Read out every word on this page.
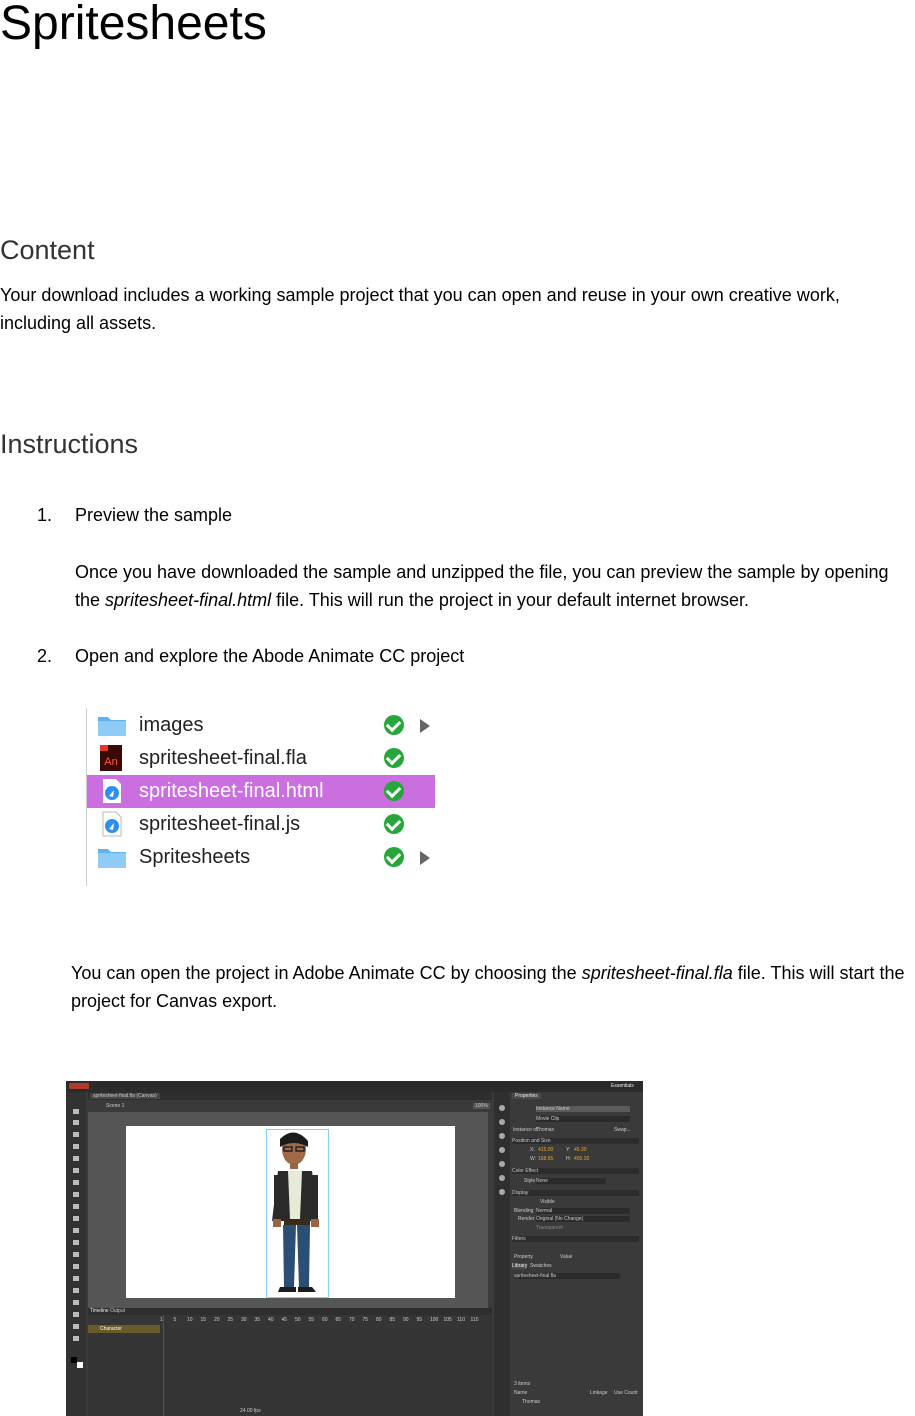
Spritesheets
Content

Your download includes a working sample project that you can open and reuse in your own creative work, including all assets.

Instructions

1. Preview the sample

Once you have downloaded the sample and unzipped the file, you can preview the sample by opening the spritesheet-final.html file. This will run the project in your default internet browser.

2. Open and explore the Abode Animate CC project

images
An spritesheet-final.fla
spritesheet-final.html
spritesheet-final.js
Spritesheets

You can open the project in Adobe Animate CC by choosing the spritesheet-final.fla file. This will start the project for Canvas export.

Essentials
spritesheet-final.fla (Canvas)
Scene 1	100%
Timeline Output
1 5 10 15 20 25 30 35 40 45 50 55 60 65 70 75 80 85 90 95 100 105 110 115
Character
24.00 fps
Properties
Instance Name
Movie Clip
Instance of:
Thomas	Swap...
Position and Size
X: 415.00	Y: 46.30
W: 168.65	H: 405.20
Color Effect
Style None
Display
Visible
Blending Normal
Render Original (No Change)
Transparent
Filters
Property	Value
Library Swatches
spritesheet-final.fla
3 items
Name	Linkage Use Count
Thomas
